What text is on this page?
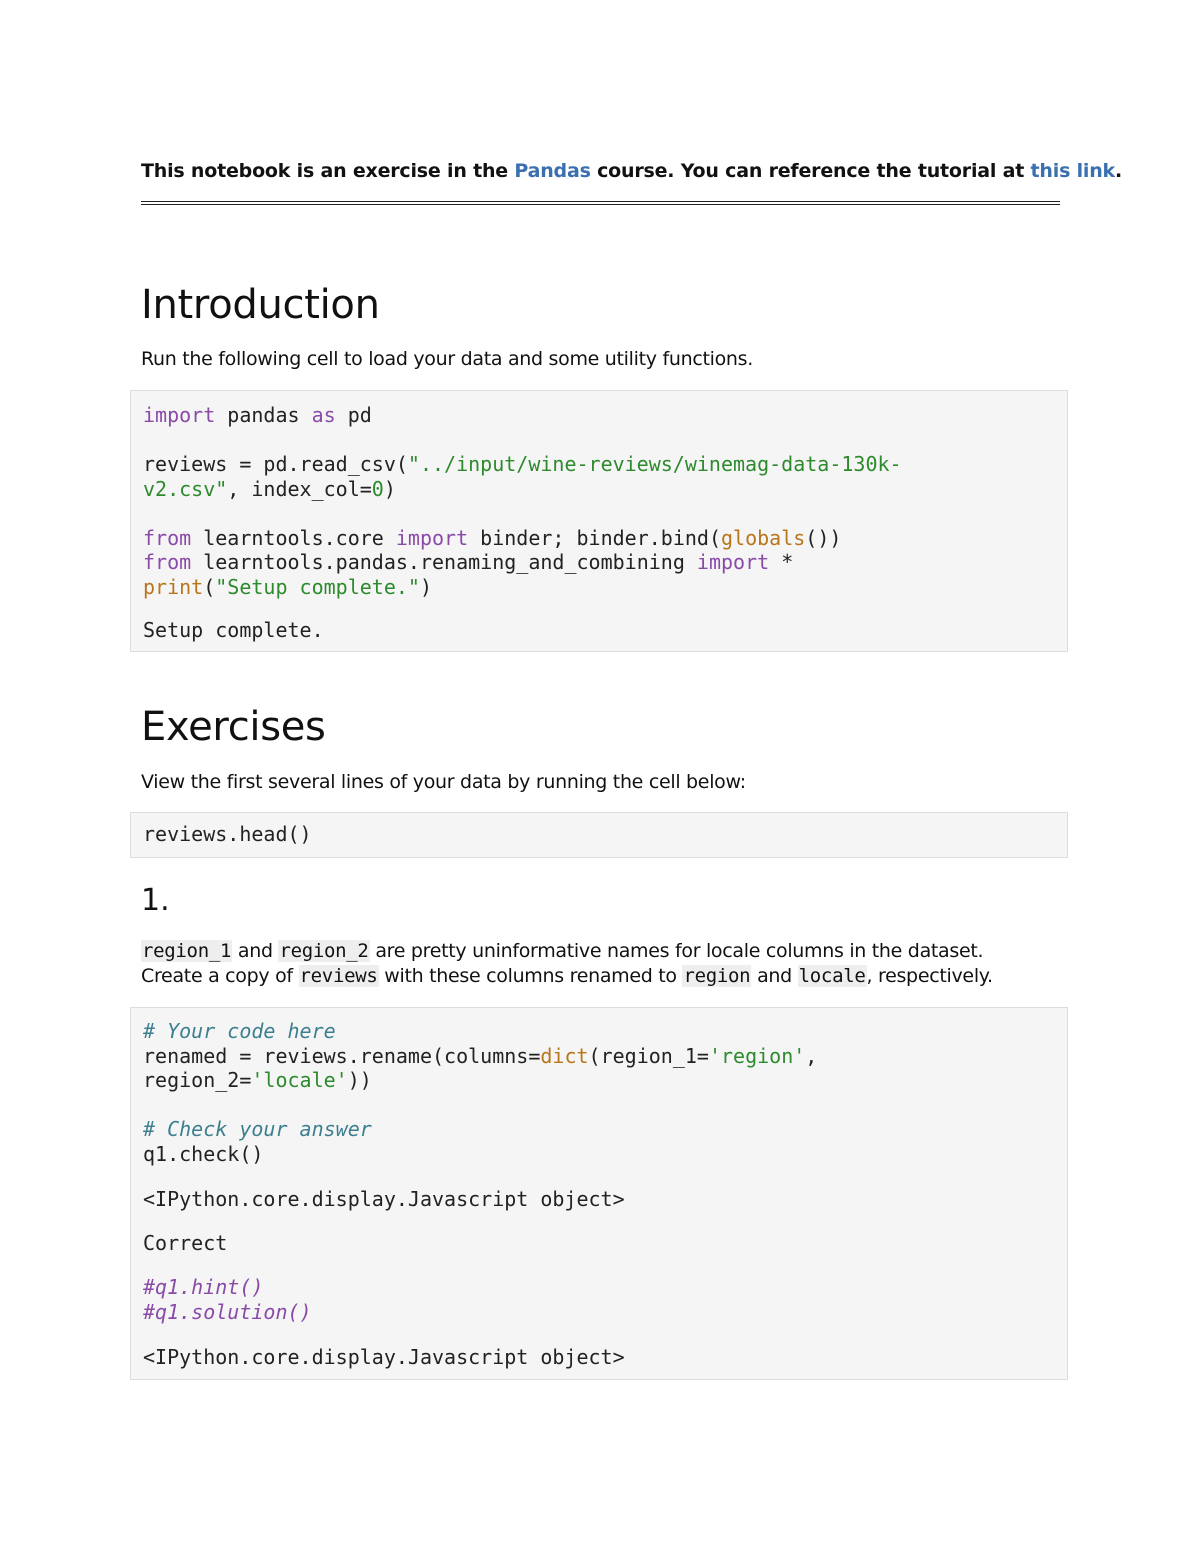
This notebook is an exercise in the Pandas course. You can reference the tutorial at this link.
Introduction

Run the following cell to load your data and some utility functions.

import pandas as pd

reviews = pd.read_csv("../input/wine-reviews/winemag-data-130k-
v2.csv", index_col=0)

from learntools.core import binder; binder.bind(globals())
from learntools.pandas.renaming_and_combining import *
print("Setup complete.")
Setup complete.
Exercises

View the first several lines of your data by running the cell below:

reviews.head()
1.

region_1 and region_2 are pretty uninformative names for locale columns in the dataset.

Create a copy of reviews with these columns renamed to region and locale, respectively.

# Your code here
renamed = reviews.rename(columns=dict(region_1='region',
region_2='locale'))

# Check your answer
q1.check()
<IPython.core.display.Javascript object>
Correct
#q1.hint()
#q1.solution()
<IPython.core.display.Javascript object>
